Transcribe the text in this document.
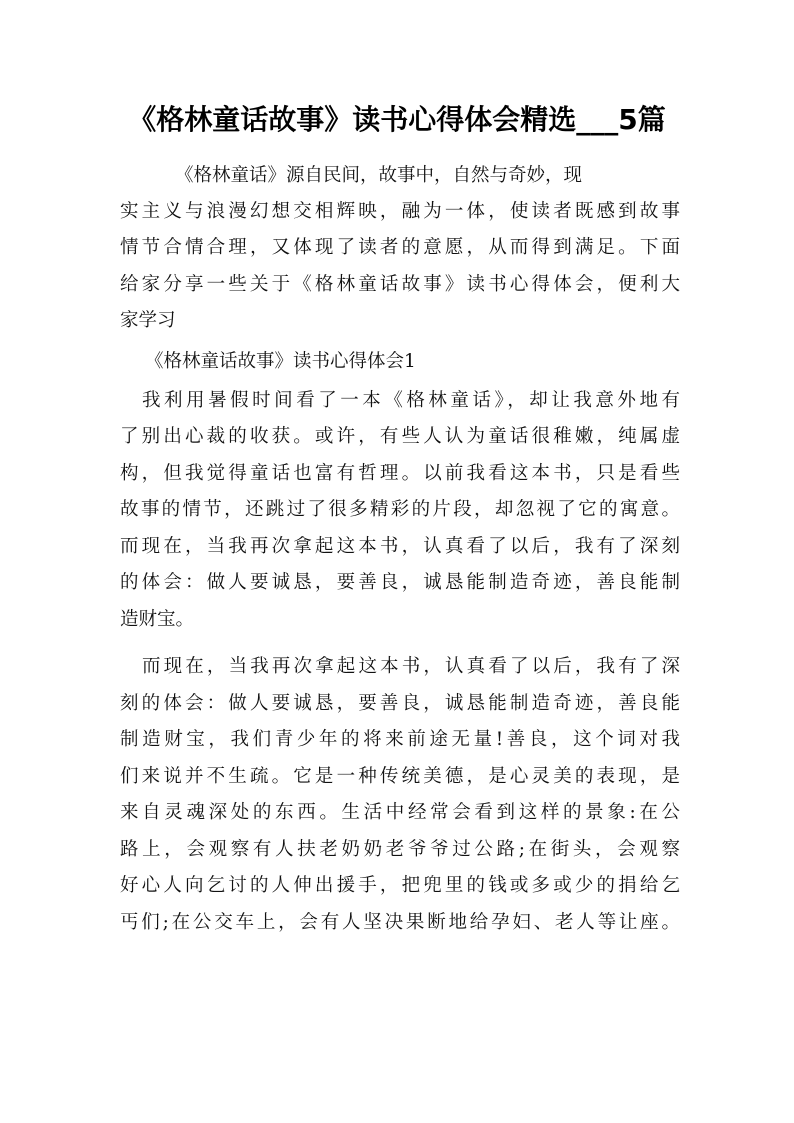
《格林童话故事》读书心得体会精选___5篇
《格林童话》源自民间，故事中，自然与奇妙，现
实主义与浪漫幻想交相辉映，融为一体，使读者既感到故事
情节合情合理，又体现了读者的意愿，从而得到满足。下面
给家分享一些关于《格林童话故事》读书心得体会，便利大
家学习
《格林童话故事》读书心得体会1
我利用暑假时间看了一本《格林童话》，却让我意外地有
了别出心裁的收获。或许，有些人认为童话很稚嫩，纯属虚
构，但我觉得童话也富有哲理。以前我看这本书，只是看些
故事的情节，还跳过了很多精彩的片段，却忽视了它的寓意。
而现在，当我再次拿起这本书，认真看了以后，我有了深刻
的体会：做人要诚恳，要善良，诚恳能制造奇迹，善良能制
造财宝。
而现在，当我再次拿起这本书，认真看了以后，我有了深
刻的体会：做人要诚恳，要善良，诚恳能制造奇迹，善良能
制造财宝，我们青少年的将来前途无量!善良，这个词对我
们来说并不生疏。它是一种传统美德，是心灵美的表现，是
来自灵魂深处的东西。生活中经常会看到这样的景象:在公
路上，会观察有人扶老奶奶老爷爷过公路;在街头，会观察
好心人向乞讨的人伸出援手，把兜里的钱或多或少的捐给乞
丐们;在公交车上，会有人坚决果断地给孕妇、老人等让座。
